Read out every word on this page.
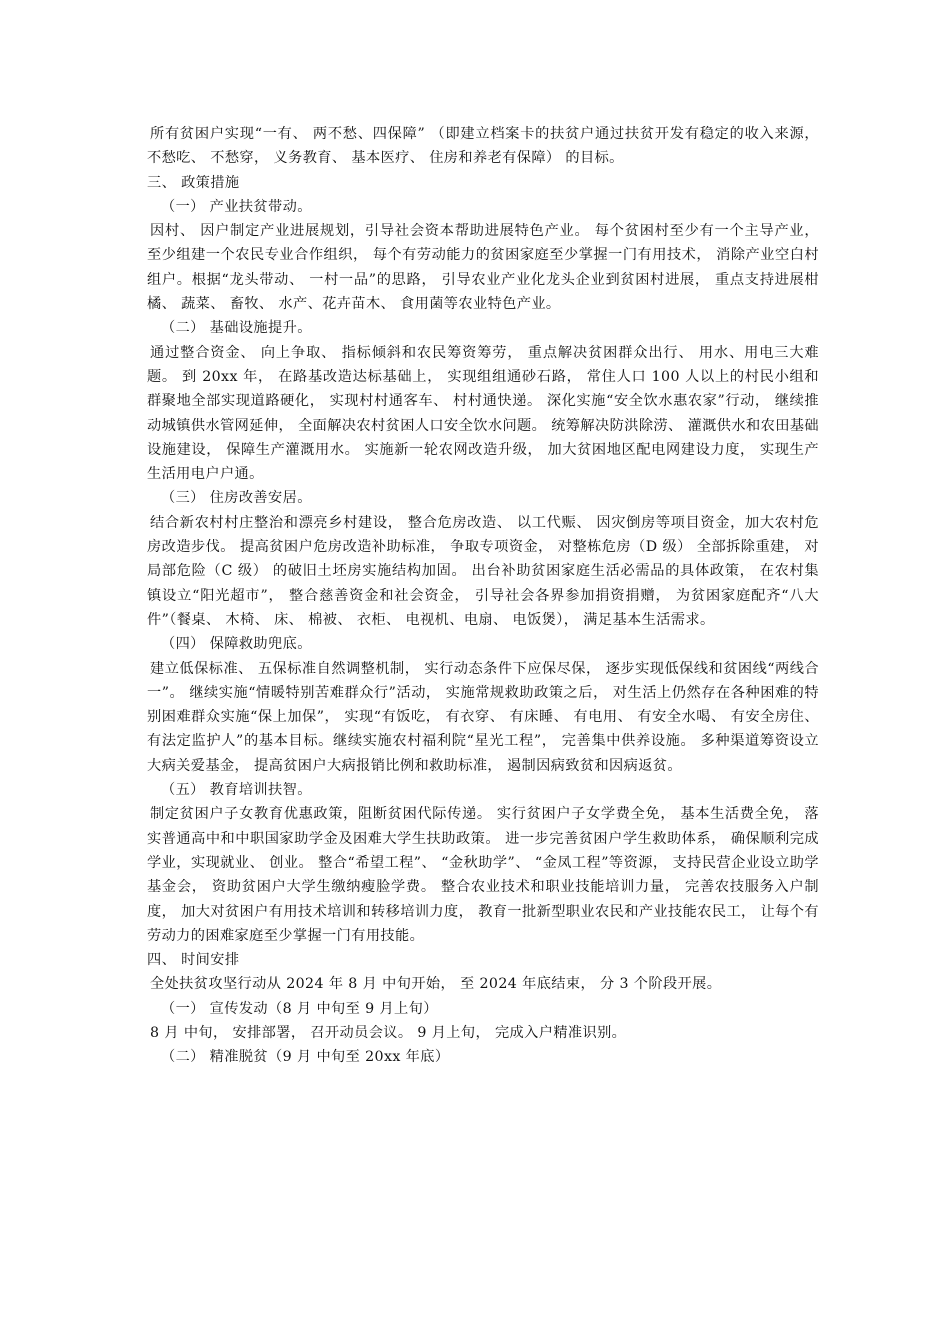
所有贫困户实现“一有、 两不愁、四保障” （即建立档案卡的扶贫户通过扶贫开发有稳定的收入来源， 不愁吃、 不愁穿， 义务教育、 基本医疗、 住房和养老有保障） 的目标。

三、 政策措施

（一） 产业扶贫带动。

因村、 因户制定产业进展规划，引导社会资本帮助进展特色产业。 每个贫困村至少有一个主导产业， 至少组建一个农民专业合作组织， 每个有劳动能力的贫困家庭至少掌握一门有用技术， 消除产业空白村组户。根据“龙头带动、 一村一品”的思路， 引导农业产业化龙头企业到贫困村进展， 重点支持进展柑橘、 蔬菜、 畜牧、 水产、花卉苗木、 食用菌等农业特色产业。

（二） 基础设施提升。

通过整合资金、 向上争取、 指标倾斜和农民筹资筹劳， 重点解决贫困群众出行、 用水、用电三大难题。 到 20xx 年， 在路基改造达标基础上， 实现组组通砂石路， 常住人口 100 人以上的村民小组和群聚地全部实现道路硬化， 实现村村通客车、 村村通快递。 深化实施“安全饮水惠农家”行动， 继续推动城镇供水管网延伸， 全面解决农村贫困人口安全饮水问题。 统筹解决防洪除涝、 灌溉供水和农田基础设施建设， 保障生产灌溉用水。 实施新一轮农网改造升级， 加大贫困地区配电网建设力度， 实现生产生活用电户户通。

（三） 住房改善安居。

结合新农村村庄整治和漂亮乡村建设， 整合危房改造、 以工代赈、 因灾倒房等项目资金，加大农村危房改造步伐。 提高贫困户危房改造补助标准， 争取专项资金， 对整栋危房（D 级） 全部拆除重建， 对局部危险（C 级） 的破旧土坯房实施结构加固。 出台补助贫困家庭生活必需品的具体政策， 在农村集镇设立“阳光超市”， 整合慈善资金和社会资金， 引导社会各界参加捐资捐赠， 为贫困家庭配齐“八大件”（餐桌、 木椅、 床、 棉被、 衣柜、 电视机、电扇、 电饭煲）， 满足基本生活需求。

（四） 保障救助兜底。

建立低保标准、 五保标准自然调整机制， 实行动态条件下应保尽保， 逐步实现低保线和贫困线“两线合一”。 继续实施“情暖特别苦难群众行”活动， 实施常规救助政策之后， 对生活上仍然存在各种困难的特别困难群众实施“保上加保”， 实现“有饭吃， 有衣穿、 有床睡、 有电用、 有安全水喝、 有安全房住、 有法定监护人”的基本目标。继续实施农村福利院“星光工程”， 完善集中供养设施。 多种渠道筹资设立大病关爱基金， 提高贫困户大病报销比例和救助标准， 遏制因病致贫和因病返贫。

（五） 教育培训扶智。

制定贫困户子女教育优惠政策，阻断贫困代际传递。 实行贫困户子女学费全免， 基本生活费全免， 落实普通高中和中职国家助学金及困难大学生扶助政策。 进一步完善贫困户学生救助体系， 确保顺利完成学业，实现就业、 创业。 整合“希望工程”、 “金秋助学”、 “金凤工程”等资源， 支持民营企业设立助学基金会， 资助贫困户大学生缴纳瘦脸学费。 整合农业技术和职业技能培训力量， 完善农技服务入户制度， 加大对贫困户有用技术培训和转移培训力度， 教育一批新型职业农民和产业技能农民工， 让每个有劳动力的困难家庭至少掌握一门有用技能。

四、 时间安排

全处扶贫攻坚行动从 2024 年 8 月 中旬开始， 至 2024 年底结束， 分 3 个阶段开展。

（一） 宣传发动（8 月 中旬至 9 月上旬）

8 月 中旬， 安排部署， 召开动员会议。 9 月上旬， 完成入户精准识别。

（二） 精准脱贫（9 月 中旬至 20xx 年底）
